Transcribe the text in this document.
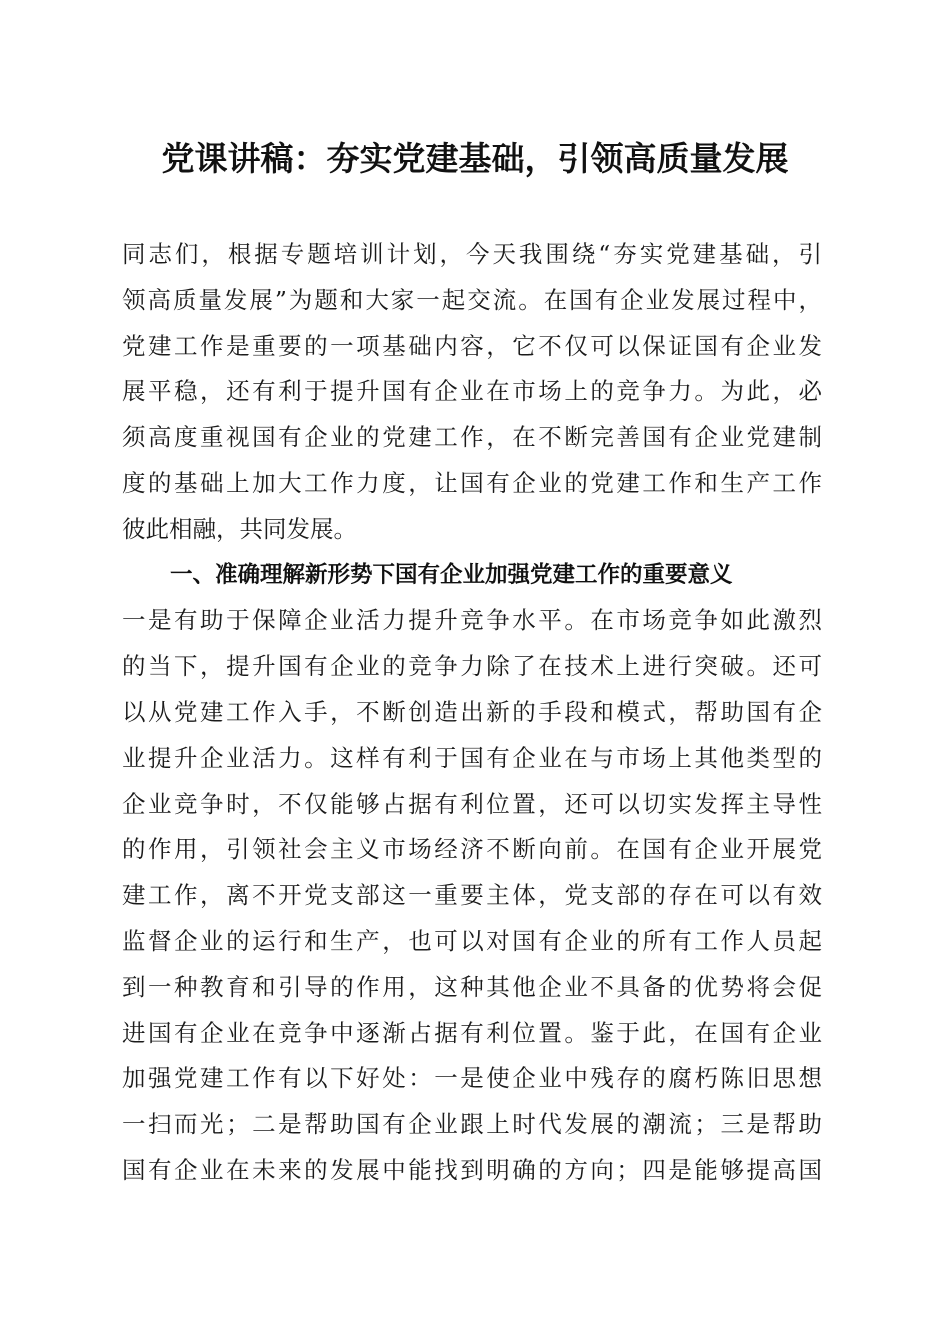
党课讲稿：夯实党建基础，引领高质量发展
同志们，根据专题培训计划，今天我围绕“夯实党建基础，引
领高质量发展”为题和大家一起交流。在国有企业发展过程中，
党建工作是重要的一项基础内容，它不仅可以保证国有企业发
展平稳，还有利于提升国有企业在市场上的竞争力。为此，必
须高度重视国有企业的党建工作，在不断完善国有企业党建制
度的基础上加大工作力度，让国有企业的党建工作和生产工作
彼此相融，共同发展。
一、准确理解新形势下国有企业加强党建工作的重要意义
一是有助于保障企业活力提升竞争水平。在市场竞争如此激烈
的当下，提升国有企业的竞争力除了在技术上进行突破。还可
以从党建工作入手，不断创造出新的手段和模式，帮助国有企
业提升企业活力。这样有利于国有企业在与市场上其他类型的
企业竞争时，不仅能够占据有利位置，还可以切实发挥主导性
的作用，引领社会主义市场经济不断向前。在国有企业开展党
建工作，离不开党支部这一重要主体，党支部的存在可以有效
监督企业的运行和生产，也可以对国有企业的所有工作人员起
到一种教育和引导的作用，这种其他企业不具备的优势将会促
进国有企业在竞争中逐渐占据有利位置。鉴于此，在国有企业
加强党建工作有以下好处：一是使企业中残存的腐朽陈旧思想
一扫而光；二是帮助国有企业跟上时代发展的潮流；三是帮助
国有企业在未来的发展中能找到明确的方向；四是能够提高国
